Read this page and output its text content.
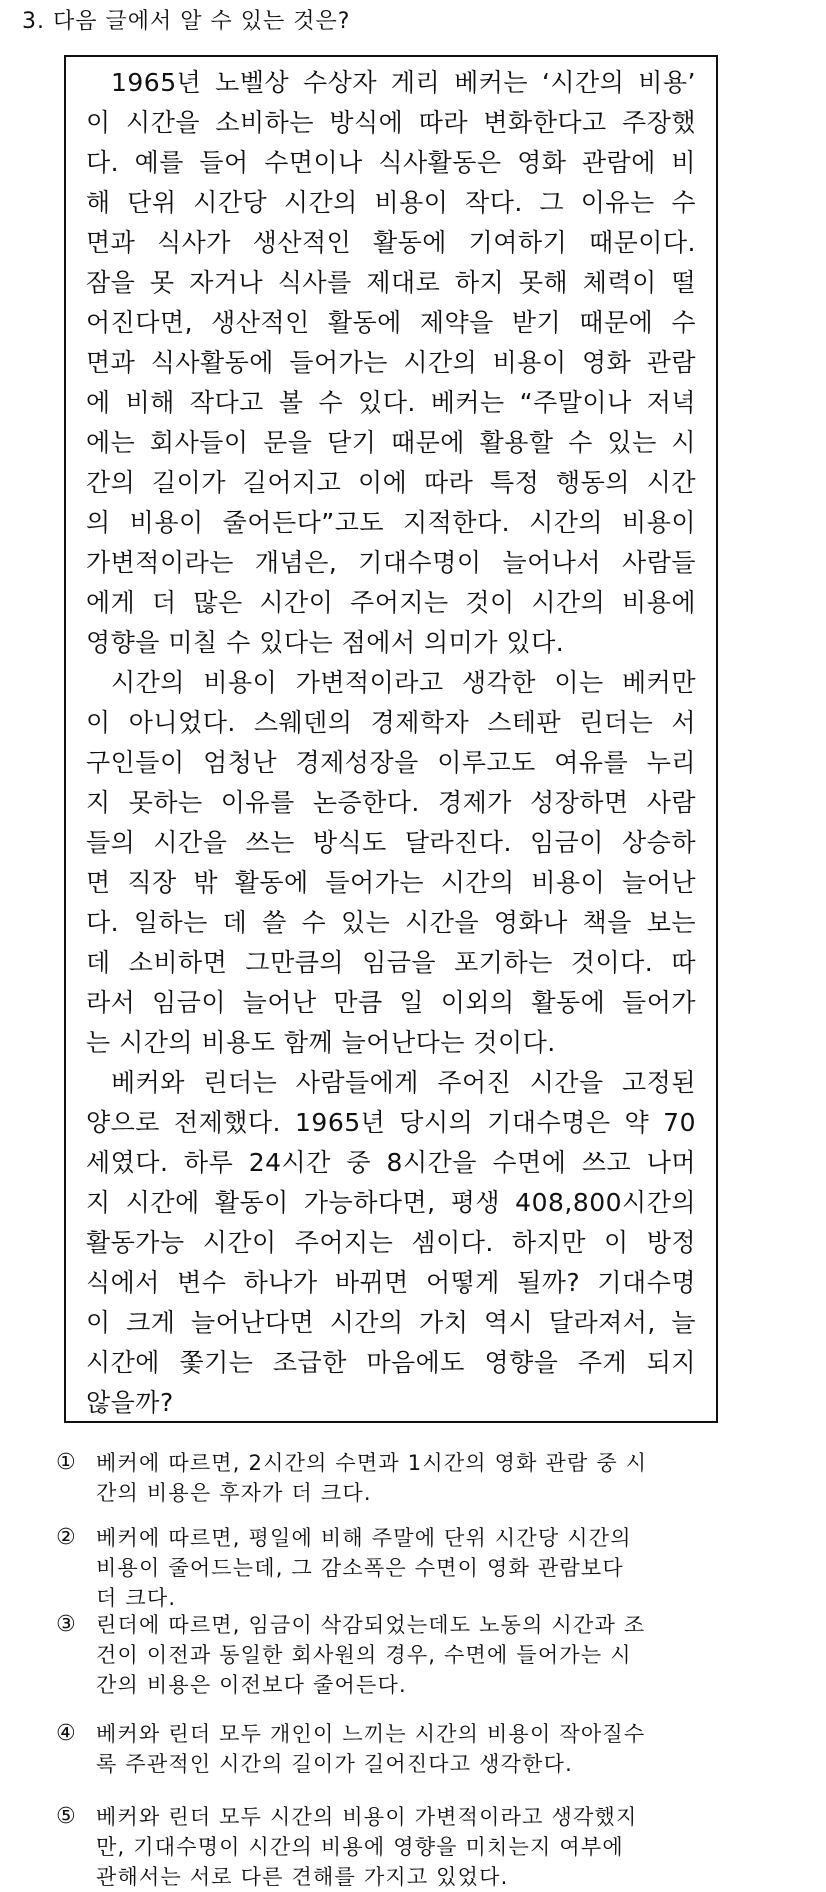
3. 다음 글에서 알 수 있는 것은?
1965년 노벨상 수상자 게리 베커는 ‘시간의 비용’
이 시간을 소비하는 방식에 따라 변화한다고 주장했
다. 예를 들어 수면이나 식사활동은 영화 관람에 비
해 단위 시간당 시간의 비용이 작다. 그 이유는 수
면과 식사가 생산적인 활동에 기여하기 때문이다.
잠을 못 자거나 식사를 제대로 하지 못해 체력이 떨
어진다면, 생산적인 활동에 제약을 받기 때문에 수
면과 식사활동에 들어가는 시간의 비용이 영화 관람
에 비해 작다고 볼 수 있다. 베커는 “주말이나 저녁
에는 회사들이 문을 닫기 때문에 활용할 수 있는 시
간의 길이가 길어지고 이에 따라 특정 행동의 시간
의 비용이 줄어든다”고도 지적한다. 시간의 비용이
가변적이라는 개념은, 기대수명이 늘어나서 사람들
에게 더 많은 시간이 주어지는 것이 시간의 비용에
영향을 미칠 수 있다는 점에서 의미가 있다.
시간의 비용이 가변적이라고 생각한 이는 베커만
이 아니었다. 스웨덴의 경제학자 스테판 린더는 서
구인들이 엄청난 경제성장을 이루고도 여유를 누리
지 못하는 이유를 논증한다. 경제가 성장하면 사람
들의 시간을 쓰는 방식도 달라진다. 임금이 상승하
면 직장 밖 활동에 들어가는 시간의 비용이 늘어난
다. 일하는 데 쓸 수 있는 시간을 영화나 책을 보는
데 소비하면 그만큼의 임금을 포기하는 것이다. 따
라서 임금이 늘어난 만큼 일 이외의 활동에 들어가
는 시간의 비용도 함께 늘어난다는 것이다.
베커와 린더는 사람들에게 주어진 시간을 고정된
양으로 전제했다. 1965년 당시의 기대수명은 약 70
세였다. 하루 24시간 중 8시간을 수면에 쓰고 나머
지 시간에 활동이 가능하다면, 평생 408,800시간의
활동가능 시간이 주어지는 셈이다. 하지만 이 방정
식에서 변수 하나가 바뀌면 어떻게 될까? 기대수명
이 크게 늘어난다면 시간의 가치 역시 달라져서, 늘
시간에 쫓기는 조급한 마음에도 영향을 주게 되지
않을까?
① 베커에 따르면, 2시간의 수면과 1시간의 영화 관람 중 시
간의 비용은 후자가 더 크다.
② 베커에 따르면, 평일에 비해 주말에 단위 시간당 시간의
비용이 줄어드는데, 그 감소폭은 수면이 영화 관람보다
더 크다.
③ 린더에 따르면, 임금이 삭감되었는데도 노동의 시간과 조
건이 이전과 동일한 회사원의 경우, 수면에 들어가는 시
간의 비용은 이전보다 줄어든다.
④ 베커와 린더 모두 개인이 느끼는 시간의 비용이 작아질수
록 주관적인 시간의 길이가 길어진다고 생각한다.
⑤ 베커와 린더 모두 시간의 비용이 가변적이라고 생각했지
만, 기대수명이 시간의 비용에 영향을 미치는지 여부에
관해서는 서로 다른 견해를 가지고 있었다.
